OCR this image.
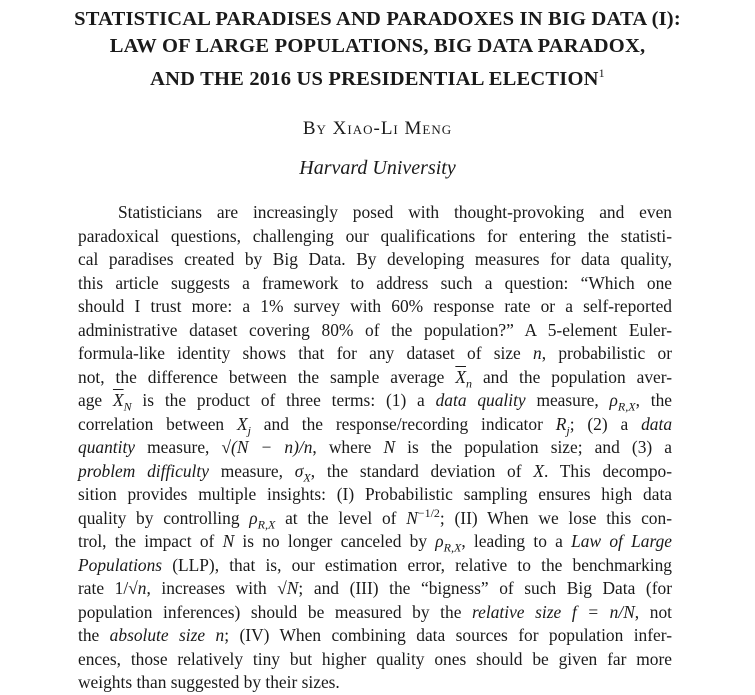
STATISTICAL PARADISES AND PARADOXES IN BIG DATA (I):
LAW OF LARGE POPULATIONS, BIG DATA PARADOX,
AND THE 2016 US PRESIDENTIAL ELECTION$^1$
By Xiao-Li Meng
Harvard University
Statisticians are increasingly posed with thought-provoking and even
paradoxical questions, challenging our qualifications for entering the statisti-
cal paradises created by Big Data. By developing measures for data quality,
this article suggests a framework to address such a question: “Which one
should I trust more: a 1% survey with 60% response rate or a self-reported
administrative dataset covering 80% of the population?” A 5-element Euler-
formula-like identity shows that for any dataset of size n, probabilistic or
not, the difference between the sample average $\overline{X}_n$ and the population aver-
age $\overline{X}_N$ is the product of three terms: (1) a data quality measure, $\rho_{R,X}$, the
correlation between $X_j$ and the response/recording indicator $R_j$; (2) a data
quantity measure, √(N − n)/n, where N is the population size; and (3) a
problem difficulty measure, $\sigma_X$, the standard deviation of X. This decompo-
sition provides multiple insights: (I) Probabilistic sampling ensures high data
quality by controlling $\rho_{R,X}$ at the level of $N^{-1/2}$; (II) When we lose this con-
trol, the impact of N is no longer canceled by $\rho_{R,X}$, leading to a Law of Large
Populations (LLP), that is, our estimation error, relative to the benchmarking
rate 1/√n, increases with √N; and (III) the “bigness” of such Big Data (for
population inferences) should be measured by the relative size f = n/N, not
the absolute size n; (IV) When combining data sources for population infer-
ences, those relatively tiny but higher quality ones should be given far more
weights than suggested by their sizes.
